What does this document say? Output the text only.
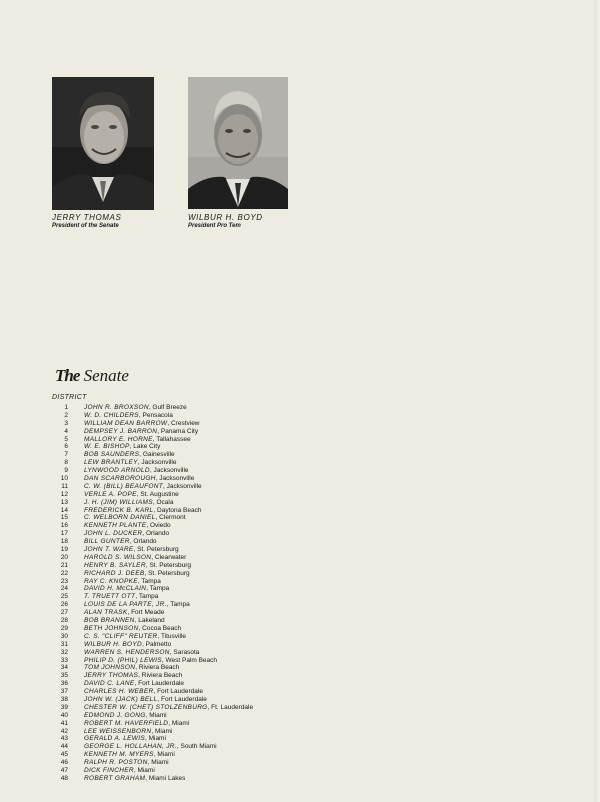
JERRY THOMAS
President of the Senate
WILBUR H. BOYD
President Pro Tem
The Senate
DISTRICT
1 JOHN R. BROXSON , Gulf Breeze
2 W. D. CHILDERS , Pensacola
3 WILLIAM DEAN BARROW , Crestview
4 DEMPSEY J. BARRON , Panama City
5 MALLORY E. HORNE , Tallahassee
6 W. E. BISHOP , Lake City
7 BOB SAUNDERS , Gainesville
8 LEW BRANTLEY , Jacksonville
9 LYNWOOD ARNOLD , Jacksonville
10 DAN SCARBOROUGH , Jacksonville
11 C. W. (BILL) BEAUFONT , Jacksonville
12 VERLE A. POPE , St. Augustine
13 J. H. (JIM) WILLIAMS , Ocala
14 FREDERICK B. KARL , Daytona Beach
15 C. WELBORN DANIEL , Clermont
16 KENNETH PLANTE , Oviedo
17 JOHN L. DUCKER , Orlando
18 BILL GUNTER , Orlando
19 JOHN T. WARE , St. Petersburg
20 HAROLD S. WILSON , Clearwater
21 HENRY B. SAYLER , St. Petersburg
22 RICHARD J. DEEB , St. Petersburg
23 RAY C. KNOPKE , Tampa
24 DAVID H. McCLAIN , Tampa
25 T. TRUETT OTT , Tampa
26 LOUIS DE LA PARTE, JR. , Tampa
27 ALAN TRASK , Fort Meade
28 BOB BRANNEN , Lakeland
29 BETH JOHNSON , Cocoa Beach
30 C. S. "CLIFF" REUTER , Titusville
31 WILBUR H. BOYD , Palmetto
32 WARREN S. HENDERSON , Sarasota
33 PHILIP D. (PHIL) LEWIS , West Palm Beach
34 TOM JOHNSON , Riviera Beach
35 JERRY THOMAS , Riviera Beach
36 DAVID C. LANE , Fort Lauderdale
37 CHARLES H. WEBER , Fort Lauderdale
38 JOHN W. (JACK) BELL , Fort Lauderdale
39 CHESTER W. (CHET) STOLZENBURG , Ft. Lauderdale
40 EDMOND J. GONG , Miami
41 ROBERT M. HAVERFIELD , Miami
42 LEE WEISSENBORN , Miami
43 GERALD A. LEWIS , Miami
44 GEORGE L. HOLLAHAN, JR. , South Miami
45 KENNETH M. MYERS , Miami
46 RALPH R. POSTON , Miami
47 DICK FINCHER , Miami
48 ROBERT GRAHAM , Miami Lakes
